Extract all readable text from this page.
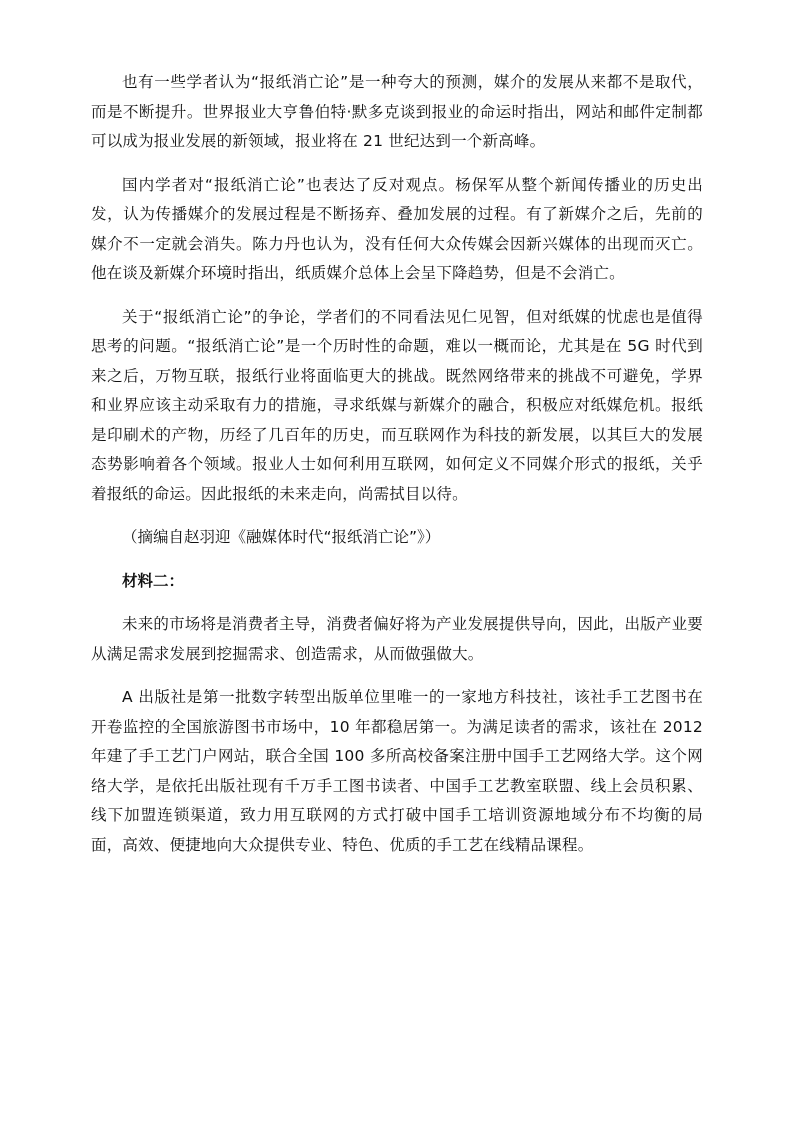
也有一些学者认为“报纸消亡论”是一种夸大的预测，媒介的发展从来都不是取代，而是不断提升。世界报业大亨鲁伯特·默多克谈到报业的命运时指出，网站和邮件定制都可以成为报业发展的新领域，报业将在 21 世纪达到一个新高峰。

国内学者对“报纸消亡论”也表达了反对观点。杨保军从整个新闻传播业的历史出发，认为传播媒介的发展过程是不断扬弃、叠加发展的过程。有了新媒介之后，先前的媒介不一定就会消失。陈力丹也认为，没有任何大众传媒会因新兴媒体的出现而灭亡。他在谈及新媒介环境时指出，纸质媒介总体上会呈下降趋势，但是不会消亡。

关于“报纸消亡论”的争论，学者们的不同看法见仁见智，但对纸媒的忧虑也是值得思考的问题。“报纸消亡论”是一个历时性的命题，难以一概而论，尤其是在 5G 时代到来之后，万物互联，报纸行业将面临更大的挑战。既然网络带来的挑战不可避免，学界和业界应该主动采取有力的措施，寻求纸媒与新媒介的融合，积极应对纸媒危机。报纸是印刷术的产物，历经了几百年的历史，而互联网作为科技的新发展，以其巨大的发展态势影响着各个领域。报业人士如何利用互联网，如何定义不同媒介形式的报纸，关乎着报纸的命运。因此报纸的未来走向，尚需拭目以待。

（摘编自赵羽迎《融媒体时代“报纸消亡论”》）

材料二：

未来的市场将是消费者主导，消费者偏好将为产业发展提供导向，因此，出版产业要从满足需求发展到挖掘需求、创造需求，从而做强做大。

A 出版社是第一批数字转型出版单位里唯一的一家地方科技社，该社手工艺图书在开卷监控的全国旅游图书市场中，10 年都稳居第一。为满足读者的需求，该社在 2012 年建了手工艺门户网站，联合全国 100 多所高校备案注册中国手工艺网络大学。这个网络大学，是依托出版社现有千万手工图书读者、中国手工艺教室联盟、线上会员积累、线下加盟连锁渠道，致力用互联网的方式打破中国手工培训资源地域分布不均衡的局面，高效、便捷地向大众提供专业、特色、优质的手工艺在线精品课程。
